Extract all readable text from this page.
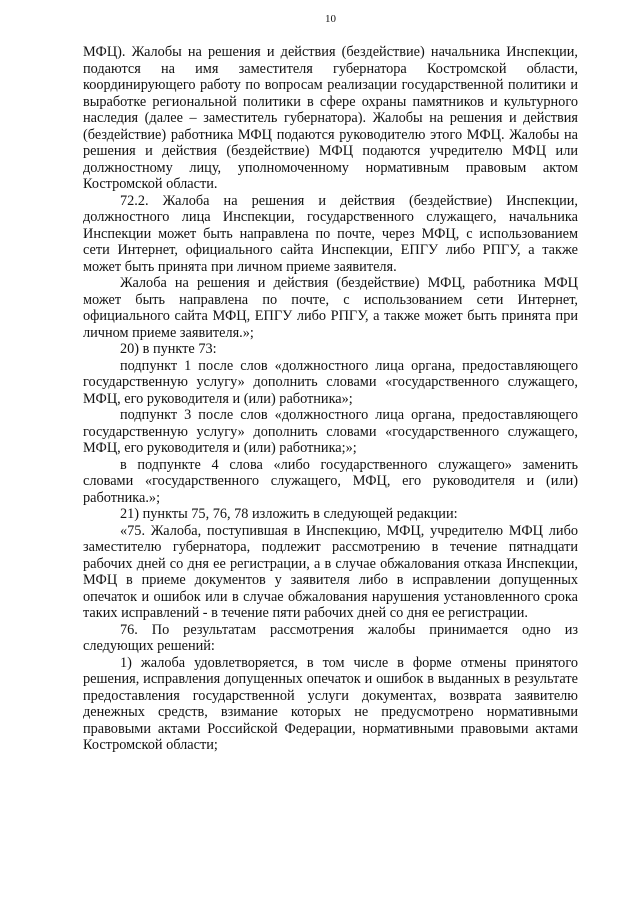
10

МФЦ). Жалобы на решения и действия (бездействие) начальника Инспекции, подаются на имя заместителя губернатора Костромской области, координирующего работу по вопросам реализации государственной политики и выработке региональной политики в сфере охраны памятников и культурного наследия (далее – заместитель губернатора). Жалобы на решения и действия (бездействие) работника МФЦ подаются руководителю этого МФЦ. Жалобы на решения и действия (бездействие) МФЦ подаются учредителю МФЦ или должностному лицу, уполномоченному нормативным правовым актом Костромской области.

72.2. Жалоба на решения и действия (бездействие) Инспекции, должностного лица Инспекции, государственного служащего, начальника Инспекции может быть направлена по почте, через МФЦ, с использованием сети Интернет, официального сайта Инспекции, ЕПГУ либо РПГУ, а также может быть принята при личном приеме заявителя.

Жалоба на решения и действия (бездействие) МФЦ, работника МФЦ может быть направлена по почте, с использованием сети Интернет, официального сайта МФЦ, ЕПГУ либо РПГУ, а также может быть принята при личном приеме заявителя.»;

20) в пункте 73:

подпункт 1 после слов «должностного лица органа, предоставляющего государственную услугу» дополнить словами «государственного служащего, МФЦ, его руководителя и (или) работника»;

подпункт 3 после слов «должностного лица органа, предоставляющего государственную услугу» дополнить словами «государственного служащего, МФЦ, его руководителя и (или) работника;»;

в подпункте 4 слова «либо государственного служащего» заменить словами «государственного служащего, МФЦ, его руководителя и (или) работника.»;

21) пункты 75, 76, 78 изложить в следующей редакции:

«75. Жалоба, поступившая в Инспекцию, МФЦ, учредителю МФЦ либо заместителю губернатора, подлежит рассмотрению в течение пятнадцати рабочих дней со дня ее регистрации, а в случае обжалования отказа Инспекции, МФЦ в приеме документов у заявителя либо в исправлении допущенных опечаток и ошибок или в случае обжалования нарушения установленного срока таких исправлений - в течение пяти рабочих дней со дня ее регистрации.

76. По результатам рассмотрения жалобы принимается одно из следующих решений:

1) жалоба удовлетворяется, в том числе в форме отмены принятого решения, исправления допущенных опечаток и ошибок в выданных в результате предоставления государственной услуги документах, возврата заявителю денежных средств, взимание которых не предусмотрено нормативными правовыми актами Российской Федерации, нормативными правовыми актами Костромской области;
